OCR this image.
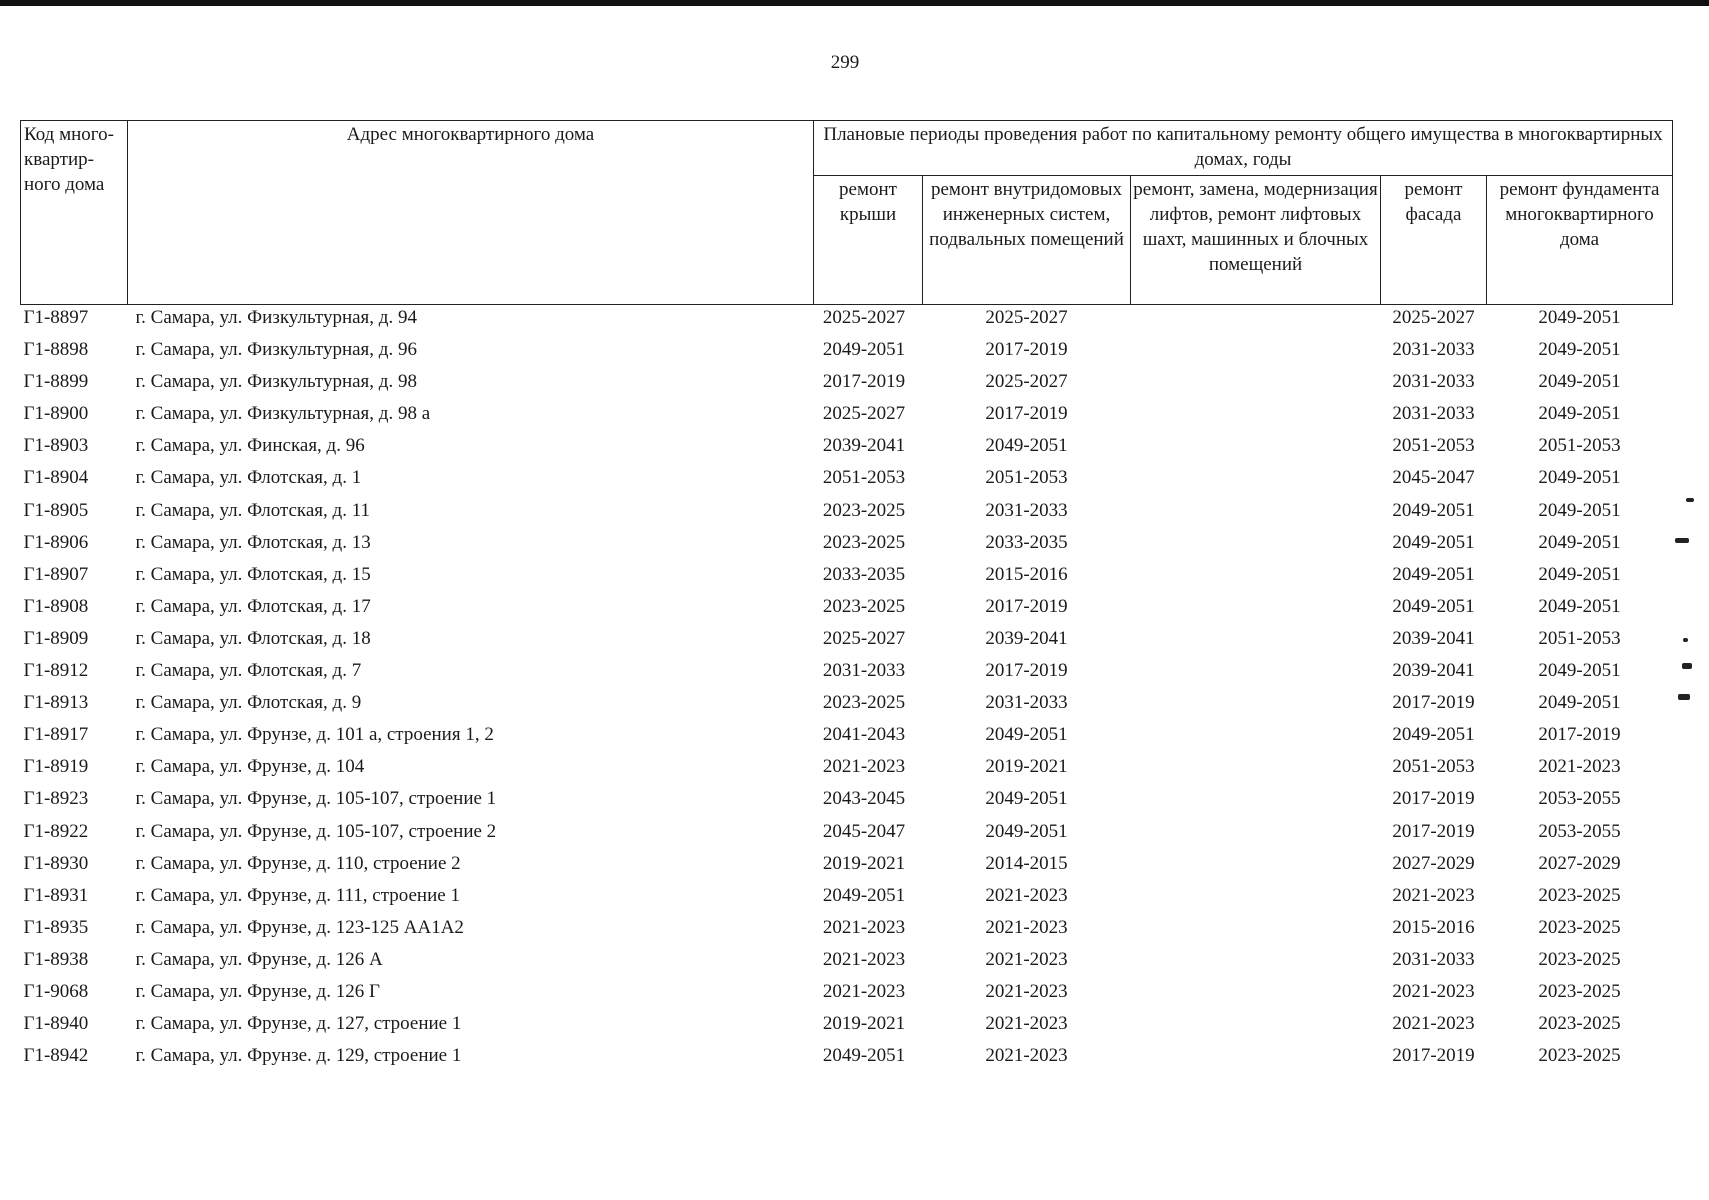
299
Код много-квартир-ного дома	Адрес многоквартирного дома	Плановые периоды проведения работ по капитальному ремонту общего имущества в многоквартирных домах, годы				
		ремонт крыши	ремонт внутридомовых инженерных систем, подвальных помещений	ремонт, замена, модернизация лифтов, ремонт лифтовых шахт, машинных и блочных помещений	ремонт фасада	ремонт фундамента многоквартирного дома
Г1-8897	г. Самара, ул. Физкультурная, д. 94	2025-2027	2025-2027		2025-2027	2049-2051
Г1-8898	г. Самара, ул. Физкультурная, д. 96	2049-2051	2017-2019		2031-2033	2049-2051
Г1-8899	г. Самара, ул. Физкультурная, д. 98	2017-2019	2025-2027		2031-2033	2049-2051
Г1-8900	г. Самара, ул. Физкультурная, д. 98 а	2025-2027	2017-2019		2031-2033	2049-2051
Г1-8903	г. Самара, ул. Финская, д. 96	2039-2041	2049-2051		2051-2053	2051-2053
Г1-8904	г. Самара, ул. Флотская, д. 1	2051-2053	2051-2053		2045-2047	2049-2051
Г1-8905	г. Самара, ул. Флотская, д. 11	2023-2025	2031-2033		2049-2051	2049-2051
Г1-8906	г. Самара, ул. Флотская, д. 13	2023-2025	2033-2035		2049-2051	2049-2051
Г1-8907	г. Самара, ул. Флотская, д. 15	2033-2035	2015-2016		2049-2051	2049-2051
Г1-8908	г. Самара, ул. Флотская, д. 17	2023-2025	2017-2019		2049-2051	2049-2051
Г1-8909	г. Самара, ул. Флотская, д. 18	2025-2027	2039-2041		2039-2041	2051-2053
Г1-8912	г. Самара, ул. Флотская, д. 7	2031-2033	2017-2019		2039-2041	2049-2051
Г1-8913	г. Самара, ул. Флотская, д. 9	2023-2025	2031-2033		2017-2019	2049-2051
Г1-8917	г. Самара, ул. Фрунзе, д. 101 а, строения 1, 2	2041-2043	2049-2051		2049-2051	2017-2019
Г1-8919	г. Самара, ул. Фрунзе, д. 104	2021-2023	2019-2021		2051-2053	2021-2023
Г1-8923	г. Самара, ул. Фрунзе, д. 105-107, строение 1	2043-2045	2049-2051		2017-2019	2053-2055
Г1-8922	г. Самара, ул. Фрунзе, д. 105-107, строение 2	2045-2047	2049-2051		2017-2019	2053-2055
Г1-8930	г. Самара, ул. Фрунзе, д. 110, строение 2	2019-2021	2014-2015		2027-2029	2027-2029
Г1-8931	г. Самара, ул. Фрунзе, д. 111, строение 1	2049-2051	2021-2023		2021-2023	2023-2025
Г1-8935	г. Самара, ул. Фрунзе, д. 123-125 АА1А2	2021-2023	2021-2023		2015-2016	2023-2025
Г1-8938	г. Самара, ул. Фрунзе, д. 126 А	2021-2023	2021-2023		2031-2033	2023-2025
Г1-9068	г. Самара, ул. Фрунзе, д. 126 Г	2021-2023	2021-2023		2021-2023	2023-2025
Г1-8940	г. Самара, ул. Фрунзе, д. 127, строение 1	2019-2021	2021-2023		2021-2023	2023-2025
Г1-8942	г. Самара, ул. Фрунзе. д. 129, строение 1	2049-2051	2021-2023		2017-2019	2023-2025
